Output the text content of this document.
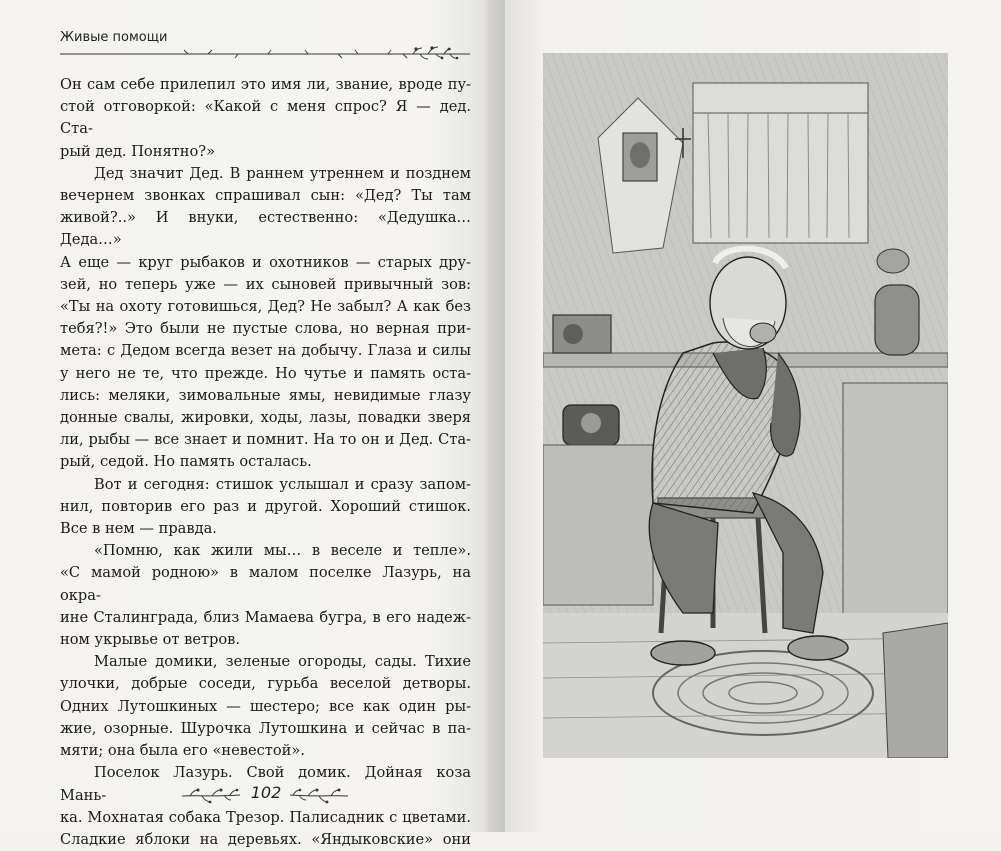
Живые помощи

Он сам себе прилепил это имя ли, звание, вроде пу-

стой отговоркой: «Какой с меня спрос? Я — дед. Ста-

рый дед. Понятно?»

Дед значит Дед. В раннем утреннем и позднем

вечернем звонках спрашивал сын: «Дед? Ты там

живой?..» И внуки, естественно: «Дедушка… Деда…»

А еще — круг рыбаков и охотников — старых дру-

зей, но теперь уже — их сыновей привычный зов:

«Ты на охоту готовишься, Дед? Не забыл? А как без

тебя?!» Это были не пустые слова, но верная при-

мета: с Дедом всегда везет на добычу. Глаза и силы

у него не те, что прежде. Но чутье и память оста-

лись: меляки, зимовальные ямы, невидимые глазу

донные свалы, жировки, ходы, лазы, повадки зверя

ли, рыбы — все знает и помнит. На то он и Дед. Ста-

рый, седой. Но память осталась.

Вот и сегодня: стишок услышал и сразу запом-

нил, повторив его раз и другой. Хороший стишок.

Все в нем — правда.

«Помню, как жили мы… в веселе и тепле».

«С мамой родною» в малом поселке Лазурь, на окра-

ине Сталинграда, близ Мамаева бугра, в его надеж-

ном укрывье от ветров.

Малые домики, зеленые огороды, сады. Тихие

улочки, добрые соседи, гурьба веселой детворы.

Одних Лутошкиных — шестеро; все как один ры-

жие, озорные. Шурочка Лутошкина и сейчас в па-

мяти; она была его «невестой».

Поселок Лазурь. Свой домик. Дойная коза Мань-

ка. Мохнатая собака Трезор. Палисадник с цветами.

Сладкие яблоки на деревьях. «Яндыковские» они

102
